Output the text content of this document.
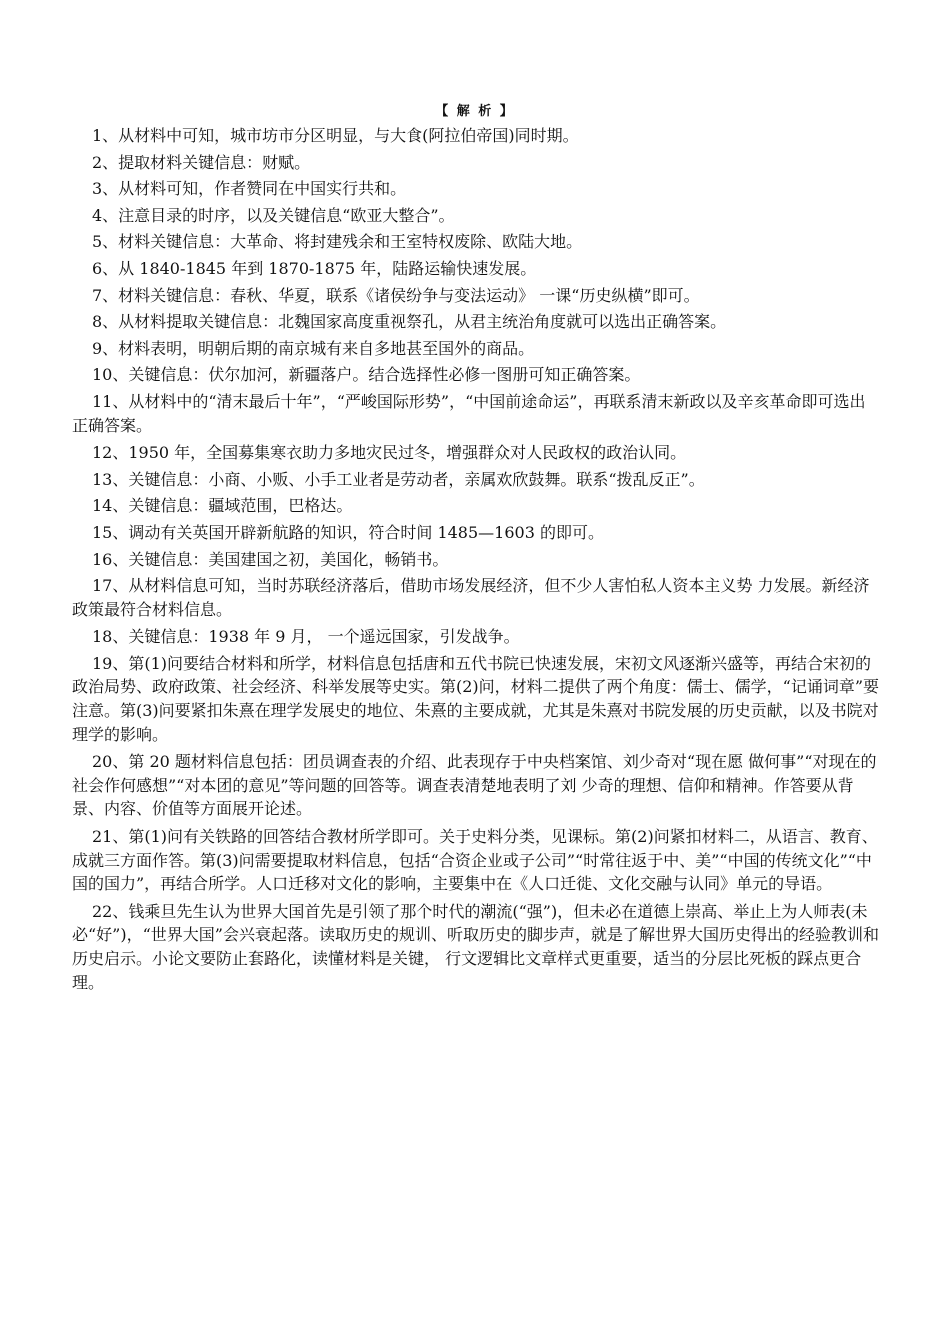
【 解 析 】

1、从材料中可知，城市坊市分区明显，与大食(阿拉伯帝国)同时期。

2、提取材料关键信息：财赋。

3、从材料可知，作者赞同在中国实行共和。

4、注意目录的时序，以及关键信息“欧亚大整合”。

5、材料关键信息：大革命、将封建残余和王室特权废除、欧陆大地。

6、从 1840-1845 年到 1870-1875 年，陆路运输快速发展。

7、材料关键信息：春秋、华夏，联系《诸侯纷争与变法运动》 一课“历史纵横”即可。

8、从材料提取关键信息：北魏国家高度重视祭孔，从君主统治角度就可以选出正确答案。

9、材料表明，明朝后期的南京城有来自多地甚至国外的商品。

10、关键信息：伏尔加河，新疆落户。结合选择性必修一图册可知正确答案。

11、从材料中的“清末最后十年”，“严峻国际形势”，“中国前途命运”，再联系清末新政以及辛亥革命即可选出正确答案。

12、1950 年，全国募集寒衣助力多地灾民过冬，增强群众对人民政权的政治认同。

13、关键信息：小商、小贩、小手工业者是劳动者，亲属欢欣鼓舞。联系“拨乱反正”。

14、关键信息：疆域范围，巴格达。

15、调动有关英国开辟新航路的知识，符合时间 1485—1603 的即可。

16、关键信息：美国建国之初，美国化，畅销书。

17、从材料信息可知，当时苏联经济落后，借助市场发展经济，但不少人害怕私人资本主义势 力发展。新经济政策最符合材料信息。

18、关键信息：1938 年 9 月， 一个遥远国家，引发战争。

19、第(1)问要结合材料和所学，材料信息包括唐和五代书院已快速发展，宋初文风逐渐兴盛等，再结合宋初的政治局势、政府政策、社会经济、科举发展等史实。第(2)问，材料二提供了两个角度：儒士、儒学，“记诵词章”要注意。第(3)问要紧扣朱熹在理学发展史的地位、朱熹的主要成就，尤其是朱熹对书院发展的历史贡献，以及书院对理学的影响。

20、第 20 题材料信息包括：团员调查表的介绍、此表现存于中央档案馆、刘少奇对“现在愿 做何事”“对现在的社会作何感想”“对本团的意见”等问题的回答等。调查表清楚地表明了刘 少奇的理想、信仰和精神。作答要从背景、内容、价值等方面展开论述。

21、第(1)问有关铁路的回答结合教材所学即可。关于史料分类，见课标。第(2)问紧扣材料二，从语言、教育、成就三方面作答。第(3)问需要提取材料信息，包括“合资企业或子公司”“时常往返于中、美”“中国的传统文化”“中国的国力”，再结合所学。人口迁移对文化的影响，主要集中在《人口迁徙、文化交融与认同》单元的导语。

22、钱乘旦先生认为世界大国首先是引领了那个时代的潮流(“强”)，但未必在道德上崇高、举止上为人师表(未必“好”)，“世界大国”会兴衰起落。读取历史的规训、听取历史的脚步声，就是了解世界大国历史得出的经验教训和历史启示。小论文要防止套路化，读懂材料是关键， 行文逻辑比文章样式更重要，适当的分层比死板的踩点更合理。
